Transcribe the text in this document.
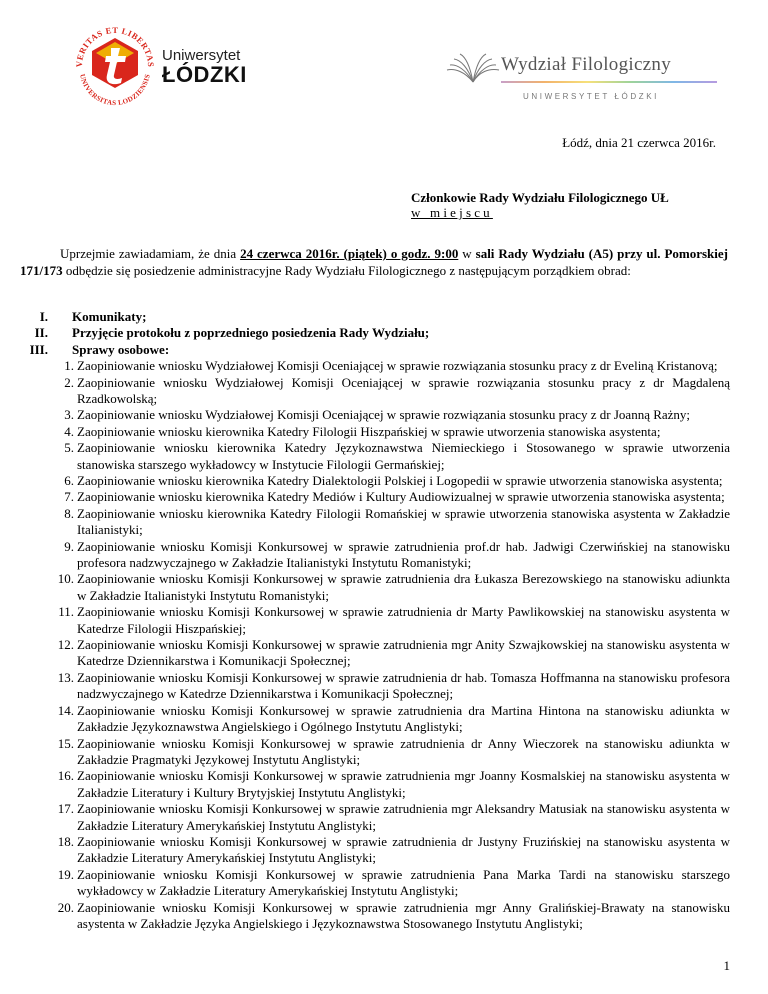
VERITAS ET LIBERTAS
UNIVERSITAS LODZIENSIS
Uniwersytet
ŁÓDZKI	Wydział Filologiczny
UNIWERSYTET ŁÓDZKI
Łódź, dnia 21 czerwca 2016r.
Członkowie Rady Wydziału Filologicznego UŁ
w miejscu

Uprzejmie zawiadamiam, że dnia 24 czerwca 2016r. (piątek) o godz. 9:00 w sali Rady Wydziału (A5) przy ul. Pomorskiej 171/173 odbędzie się posiedzenie administracyjne Rady Wydziału Filologicznego z następującym porządkiem obrad:

I. Komunikaty;
II. Przyjęcie protokołu z poprzedniego posiedzenia Rady Wydziału;
III. Sprawy osobowe:
1. Zaopiniowanie wniosku Wydziałowej Komisji Oceniającej w sprawie rozwiązania stosunku pracy z dr Eveliną Kristanovą;
2. Zaopiniowanie wniosku Wydziałowej Komisji Oceniającej w sprawie rozwiązania stosunku pracy z dr Magdaleną Rzadkowolską;
3. Zaopiniowanie wniosku Wydziałowej Komisji Oceniającej w sprawie rozwiązania stosunku pracy z dr Joanną Rażny;
4. Zaopiniowanie wniosku kierownika Katedry Filologii Hiszpańskiej w sprawie utworzenia stanowiska asystenta;
5. Zaopiniowanie wniosku kierownika Katedry Językoznawstwa Niemieckiego i Stosowanego w sprawie utworzenia stanowiska starszego wykładowcy w Instytucie Filologii Germańskiej;
6. Zaopiniowanie wniosku kierownika Katedry Dialektologii Polskiej i Logopedii w sprawie utworzenia stanowiska asystenta;
7. Zaopiniowanie wniosku kierownika Katedry Mediów i Kultury Audiowizualnej w sprawie utworzenia stanowiska asystenta;
8. Zaopiniowanie wniosku kierownika Katedry Filologii Romańskiej w sprawie utworzenia stanowiska asystenta w Zakładzie Italianistyki;
9. Zaopiniowanie wniosku Komisji Konkursowej w sprawie zatrudnienia prof.dr hab. Jadwigi Czerwińskiej na stanowisku profesora nadzwyczajnego w Zakładzie Italianistyki Instytutu Romanistyki;
10. Zaopiniowanie wniosku Komisji Konkursowej w sprawie zatrudnienia dra Łukasza Berezowskiego na stanowisku adiunkta w Zakładzie Italianistyki Instytutu Romanistyki;
11. Zaopiniowanie wniosku Komisji Konkursowej w sprawie zatrudnienia dr Marty Pawlikowskiej na stanowisku asystenta w Katedrze Filologii Hiszpańskiej;
12. Zaopiniowanie wniosku Komisji Konkursowej w sprawie zatrudnienia mgr Anity Szwajkowskiej na stanowisku asystenta w Katedrze Dziennikarstwa i Komunikacji Społecznej;
13. Zaopiniowanie wniosku Komisji Konkursowej w sprawie zatrudnienia dr hab. Tomasza Hoffmanna na stanowisku profesora nadzwyczajnego w Katedrze Dziennikarstwa i Komunikacji Społecznej;
14. Zaopiniowanie wniosku Komisji Konkursowej w sprawie zatrudnienia dra Martina Hintona na stanowisku adiunkta w Zakładzie Językoznawstwa Angielskiego i Ogólnego Instytutu Anglistyki;
15. Zaopiniowanie wniosku Komisji Konkursowej w sprawie zatrudnienia dr Anny Wieczorek na stanowisku adiunkta w Zakładzie Pragmatyki Językowej Instytutu Anglistyki;
16. Zaopiniowanie wniosku Komisji Konkursowej w sprawie zatrudnienia mgr Joanny Kosmalskiej na stanowisku asystenta w Zakładzie Literatury i Kultury Brytyjskiej Instytutu Anglistyki;
17. Zaopiniowanie wniosku Komisji Konkursowej w sprawie zatrudnienia mgr Aleksandry Matusiak na stanowisku asystenta w Zakładzie Literatury Amerykańskiej Instytutu Anglistyki;
18. Zaopiniowanie wniosku Komisji Konkursowej w sprawie zatrudnienia dr Justyny Fruzińskiej na stanowisku asystenta w Zakładzie Literatury Amerykańskiej Instytutu Anglistyki;
19. Zaopiniowanie wniosku Komisji Konkursowej w sprawie zatrudnienia Pana Marka Tardi na stanowisku starszego wykładowcy w Zakładzie Literatury Amerykańskiej Instytutu Anglistyki;
20. Zaopiniowanie wniosku Komisji Konkursowej w sprawie zatrudnienia mgr Anny Gralińskiej-Brawaty na stanowisku asystenta w Zakładzie Języka Angielskiego i Językoznawstwa Stosowanego Instytutu Anglistyki;
1
